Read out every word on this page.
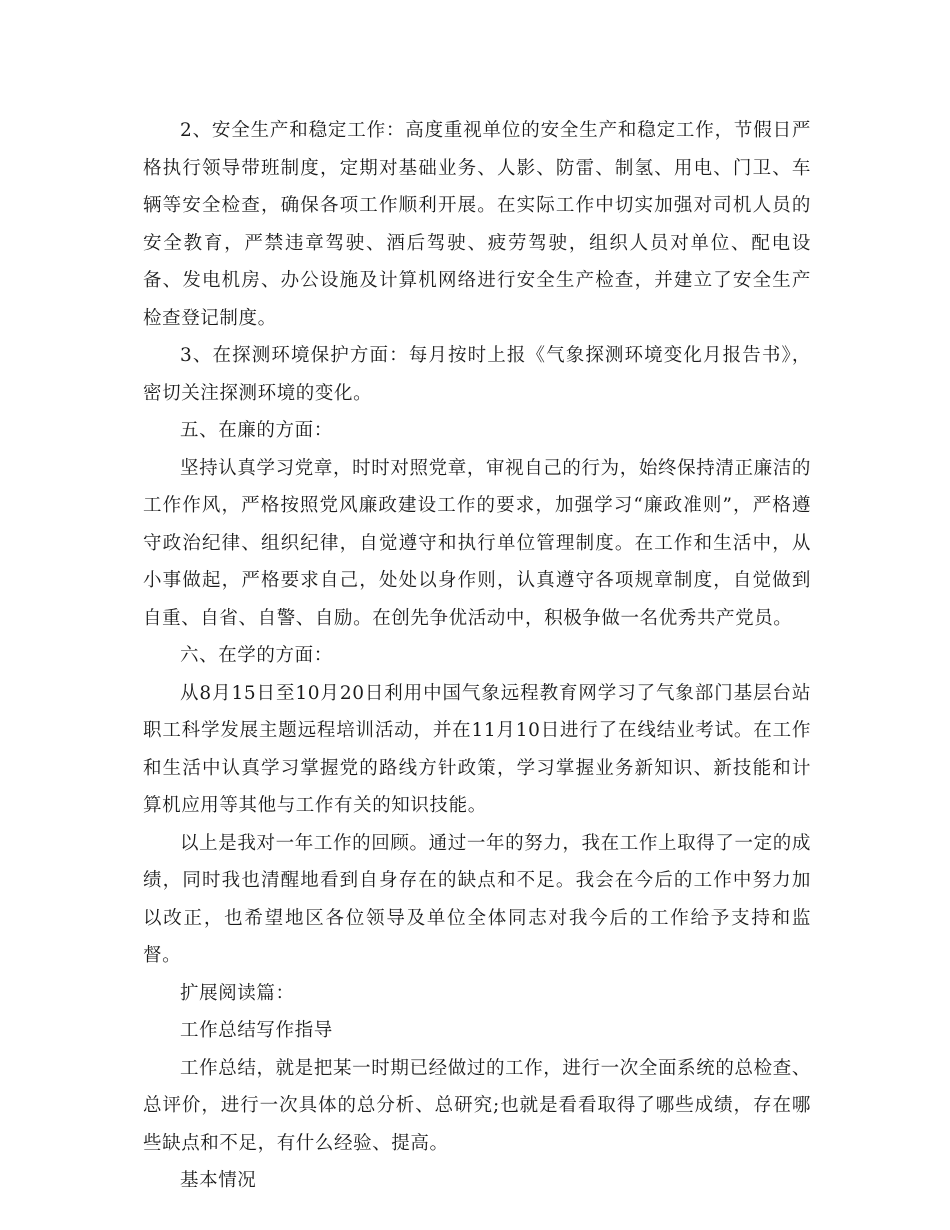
2、安全生产和稳定工作：高度重视单位的安全生产和稳定工作，节假日严格执行领导带班制度，定期对基础业务、人影、防雷、制氢、用电、门卫、车辆等安全检查，确保各项工作顺利开展。在实际工作中切实加强对司机人员的安全教育，严禁违章驾驶、酒后驾驶、疲劳驾驶，组织人员对单位、配电设备、发电机房、办公设施及计算机网络进行安全生产检查，并建立了安全生产检查登记制度。

3、在探测环境保护方面：每月按时上报《气象探测环境变化月报告书》，密切关注探测环境的变化。

五、在廉的方面：

坚持认真学习党章，时时对照党章，审视自己的行为，始终保持清正廉洁的工作作风，严格按照党风廉政建设工作的要求，加强学习“廉政准则”，严格遵守政治纪律、组织纪律，自觉遵守和执行单位管理制度。在工作和生活中，从小事做起，严格要求自己，处处以身作则，认真遵守各项规章制度，自觉做到自重、自省、自警、自励。在创先争优活动中，积极争做一名优秀共产党员。

六、在学的方面：

从8月15日至10月20日利用中国气象远程教育网学习了气象部门基层台站职工科学发展主题远程培训活动，并在11月10日进行了在线结业考试。在工作和生活中认真学习掌握党的路线方针政策，学习掌握业务新知识、新技能和计算机应用等其他与工作有关的知识技能。

以上是我对一年工作的回顾。通过一年的努力，我在工作上取得了一定的成绩，同时我也清醒地看到自身存在的缺点和不足。我会在今后的工作中努力加以改正，也希望地区各位领导及单位全体同志对我今后的工作给予支持和监督。

扩展阅读篇：

工作总结写作指导

工作总结，就是把某一时期已经做过的工作，进行一次全面系统的总检查、总评价，进行一次具体的总分析、总研究;也就是看看取得了哪些成绩，存在哪些缺点和不足，有什么经验、提高。

基本情况
